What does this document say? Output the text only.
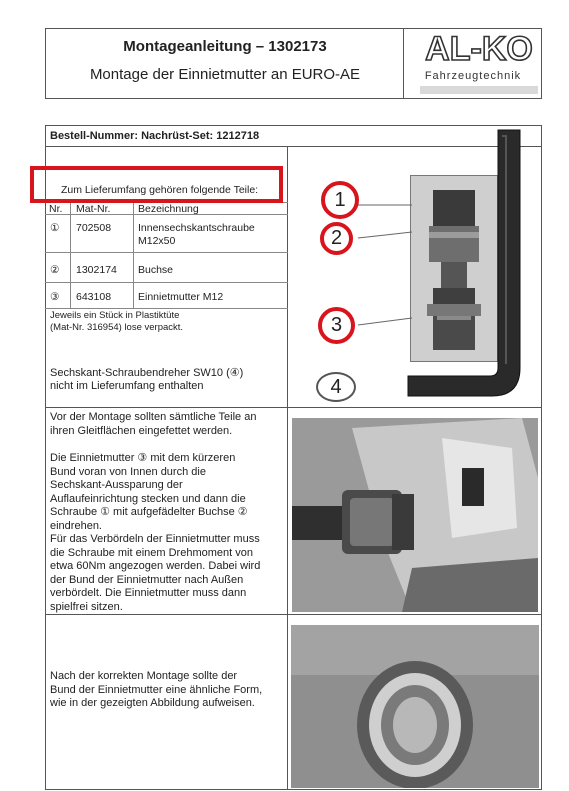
Montageanleitung – 1302173
Montage der Einnietmutter an EURO-AE
AL-KO
Fahrzeugtechnik
Bestell-Nummer: Nachrüst-Set: 1212718
Zum Lieferumfang gehören folgende Teile:
Nr. Mat-Nr.	Bezeichnung
① 702508	Innensechskantschraube
M12x50
② 1302174 Buchse
③ 643108	Einnietmutter M12
Jeweils ein Stück in Plastiktüte
(Mat-Nr. 316954) lose verpackt.
Sechskant-Schraubendreher SW10 (④)
nicht im Lieferumfang enthalten
1
2
3
4
Vor der Montage sollten sämtliche Teile an
ihren Gleitflächen eingefettet werden.
Die Einnietmutter ③ mit dem kürzeren
Bund voran von Innen durch die
Sechskant-Aussparung der
Auflaufeinrichtung stecken und dann die
Schraube ① mit aufgefädelter Buchse ②
eindrehen.
Für das Verbördeln der Einnietmutter muss
die Schraube mit einem Drehmoment von
etwa 60Nm angezogen werden. Dabei wird
der Bund der Einnietmutter nach Außen
verbördelt. Die Einnietmutter muss dann
spielfrei sitzen.
Nach der korrekten Montage sollte der
Bund der Einnietmutter eine ähnliche Form,
wie in der gezeigten Abbildung aufweisen.
